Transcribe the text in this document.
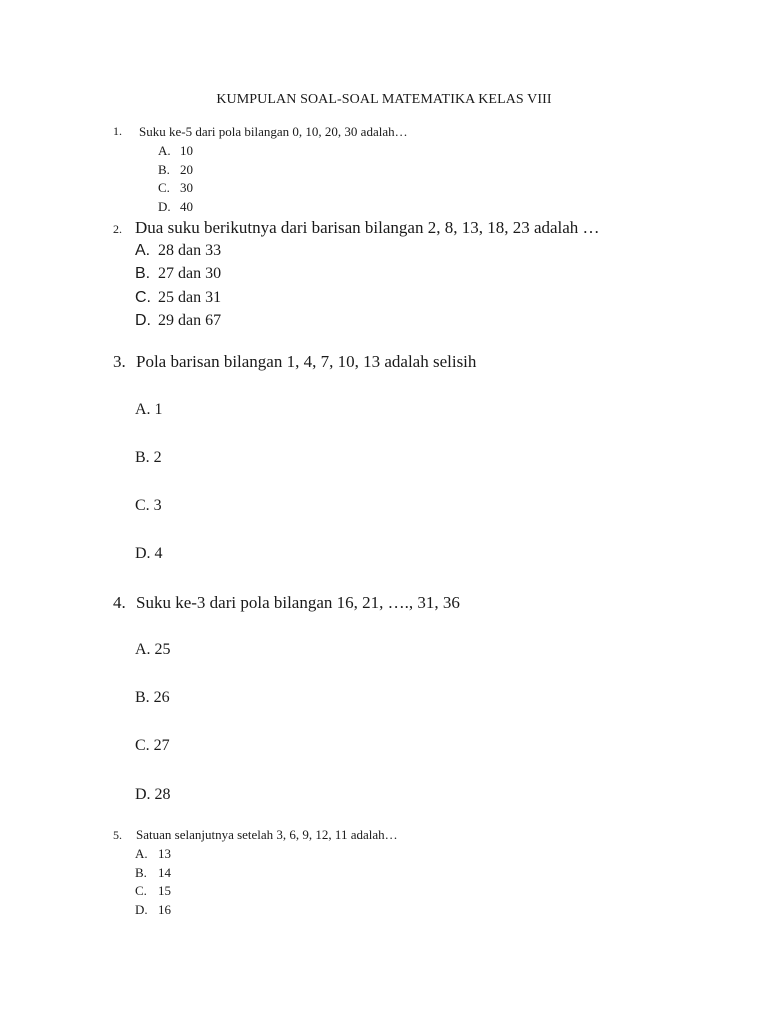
KUMPULAN SOAL-SOAL MATEMATIKA KELAS VIII
1. Suku ke-5 dari pola bilangan 0, 10, 20, 30 adalah…
A. 10
B. 20
C. 30
D. 40
2. Dua suku berikutnya dari barisan bilangan 2, 8, 13, 18, 23 adalah …
A. 28 dan 33
B. 27 dan 30
C. 25 dan 31
D. 29 dan 67
3. Pola barisan bilangan 1, 4, 7, 10, 13 adalah selisih
A. 1
B. 2
C. 3
D. 4
4. Suku ke-3 dari pola bilangan 16, 21, …., 31, 36
A. 25
B. 26
C. 27
D. 28
5. Satuan selanjutnya setelah 3, 6, 9, 12, 11 adalah…
A. 13
B. 14
C. 15
D. 16
